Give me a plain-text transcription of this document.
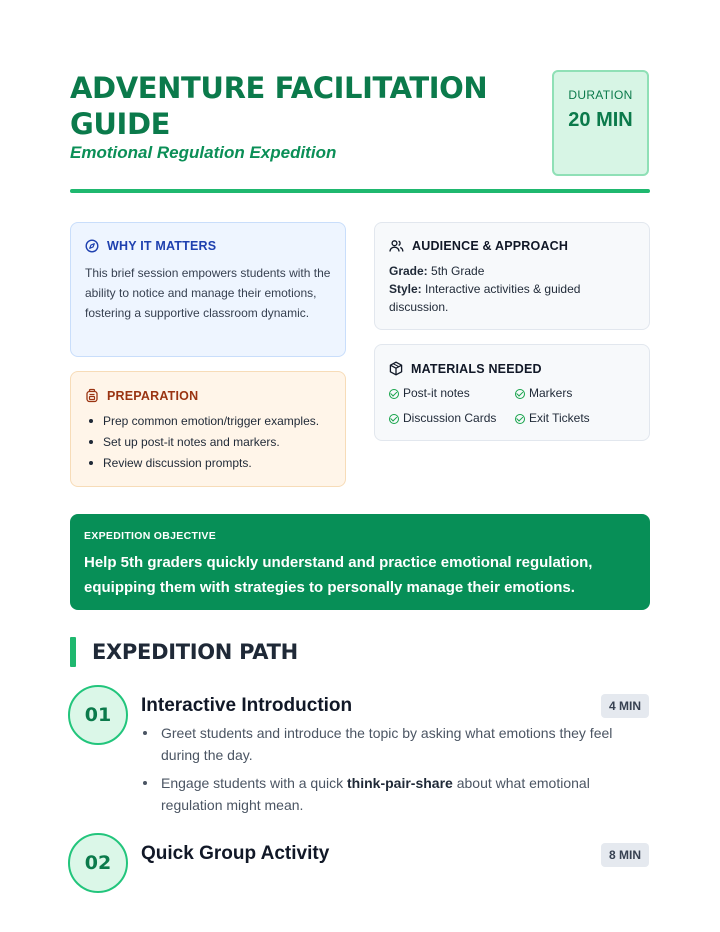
ADVENTURE FACILITATION GUIDE
Emotional Regulation Expedition
DURATION
20 MIN
WHY IT MATTERS

This brief session empowers students with the ability to notice and manage their emotions, fostering a supportive classroom dynamic.

PREPARATION
Prep common emotion/trigger examples.
Set up post-it notes and markers.
Review discussion prompts.
AUDIENCE & APPROACH
Grade: 5th Grade
Style: Interactive activities & guided discussion.
MATERIALS NEEDED
Post-it notes	Markers
Discussion Cards	Exit Tickets
EXPEDITION OBJECTIVE
Help 5th graders quickly understand and practice emotional regulation, equipping them with strategies to personally manage their emotions.
EXPEDITION PATH
01	Interactive Introduction	4 MIN
Greet students and introduce the topic by asking what emotions they feel during the day.
Engage students with a quick think-pair-share about what emotional regulation might mean.
02	Quick Group Activity	8 MIN
